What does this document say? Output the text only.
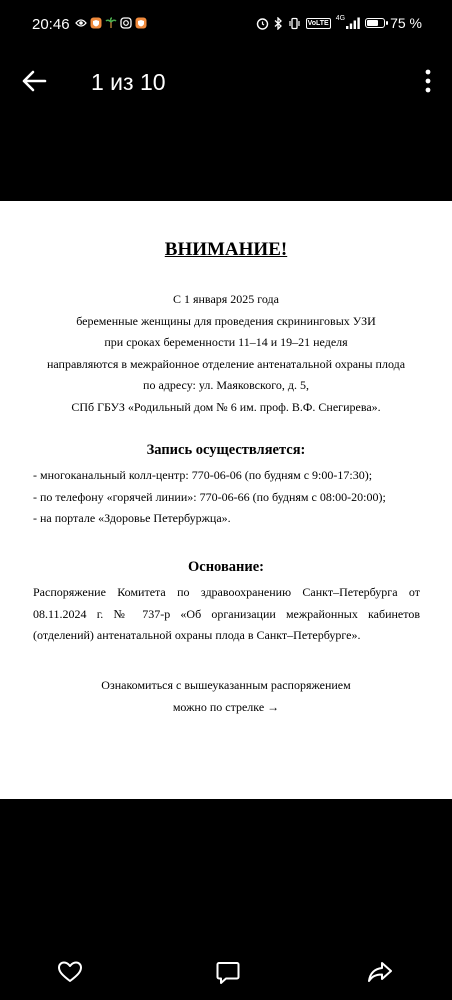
20:46	VoLTE
4G	75 %
1 из 10
ВНИМАНИЕ!
С 1 января 2025 года
беременные женщины для проведения скрининговых УЗИ
при сроках беременности 11–14 и 19–21 неделя
направляются в межрайонное отделение антенатальной охраны плода
по адресу: ул. Маяковского, д. 5,
СПб ГБУЗ «Родильный дом № 6 им. проф. В.Ф. Снегирева».
Запись осуществляется:
- многоканальный колл-центр: 770-06-06 (по будням с 9:00-17:30);
- по телефону «горячей линии»: 770-06-66 (по будням с 08:00-20:00);
- на портале «Здоровье Петербуржца».
Основание:
Распоряжение Комитета по здравоохранению Санкт–Петербурга от
08.11.2024 г. № 737-р «Об организации межрайонных кабинетов
(отделений) антенатальной охраны плода в Санкт–Петербурге».
Ознакомиться с вышеуказанным распоряжением
можно по стрелке →
